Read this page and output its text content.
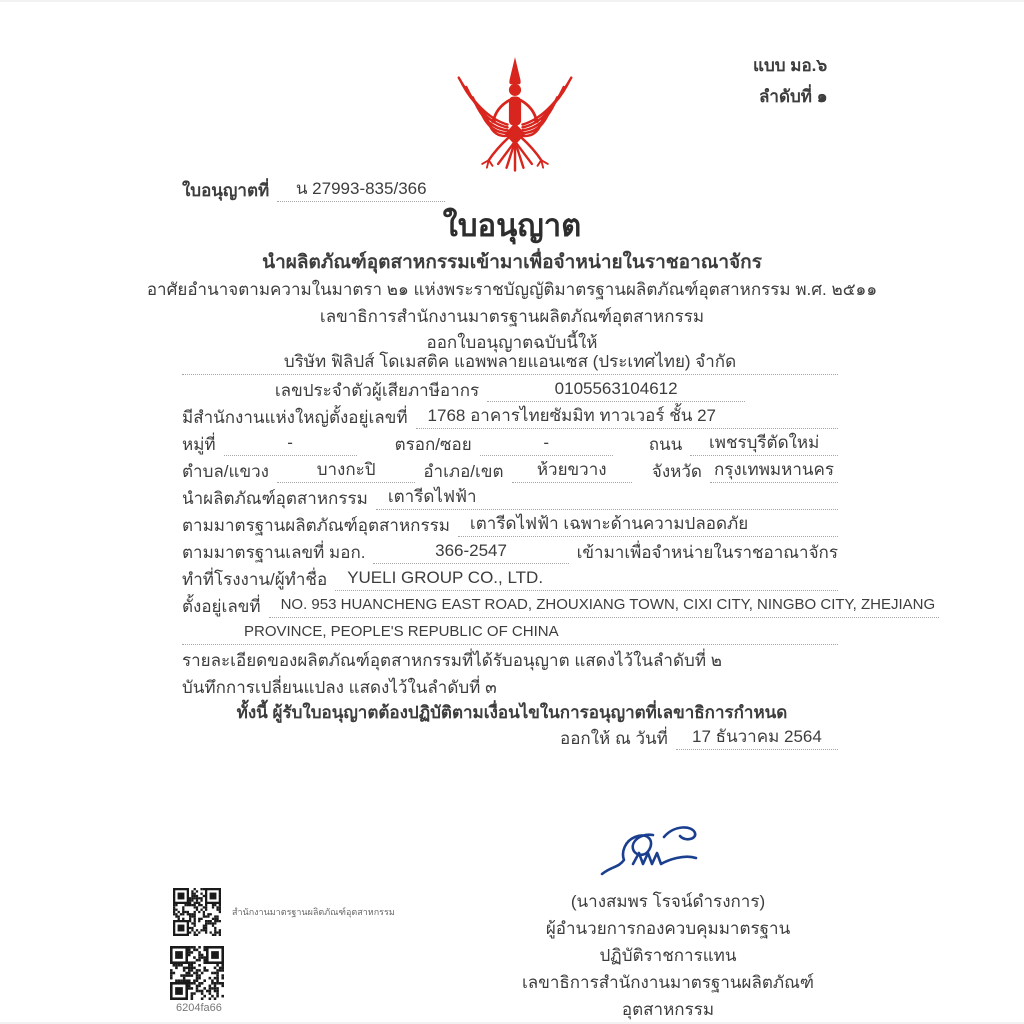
แบบ มอ.๖
ลำดับที่ ๑
ใบอนุญาตที่	น 27993-835/366
ใบอนุญาต
นำผลิตภัณฑ์อุตสาหกรรมเข้ามาเพื่อจำหน่ายในราชอาณาจักร
อาศัยอำนาจตามความในมาตรา ๒๑ แห่งพระราชบัญญัติมาตรฐานผลิตภัณฑ์อุตสาหกรรม พ.ศ. ๒๕๑๑
เลขาธิการสำนักงานมาตรฐานผลิตภัณฑ์อุตสาหกรรม
ออกใบอนุญาตฉบับนี้ให้
บริษัท ฟิลิปส์ โดเมสติค แอพพลายแอนเซส (ประเทศไทย) จำกัด
เลขประจำตัวผู้เสียภาษีอากร	0105563104612
มีสำนักงานแห่งใหญ่ตั้งอยู่เลขที่	1768 อาคารไทยซัมมิท ทาวเวอร์ ชั้น 27
หมู่ที่	-	ตรอก/ซอย	-	ถนน	เพชรบุรีตัดใหม่
ตำบล/แขวง	บางกะปิ	อำเภอ/เขต	ห้วยขวาง	จังหวัด กรุงเทพมหานคร
นำผลิตภัณฑ์อุตสาหกรรม	เตารีดไฟฟ้า
ตามมาตรฐานผลิตภัณฑ์อุตสาหกรรม	เตารีดไฟฟ้า เฉพาะด้านความปลอดภัย
ตามมาตรฐานเลขที่ มอก.	366-2547	เข้ามาเพื่อจำหน่ายในราชอาณาจักร
ทำที่โรงงาน/ผู้ทำชื่อ	YUELI GROUP CO., LTD.
ตั้งอยู่เลขที่	NO. 953 HUANCHENG EAST ROAD, ZHOUXIANG TOWN, CIXI CITY, NINGBO CITY, ZHEJIANG
PROVINCE, PEOPLE'S REPUBLIC OF CHINA
รายละเอียดของผลิตภัณฑ์อุตสาหกรรมที่ได้รับอนุญาต แสดงไว้ในลำดับที่ ๒
บันทึกการเปลี่ยนแปลง แสดงไว้ในลำดับที่ ๓
ทั้งนี้ ผู้รับใบอนุญาตต้องปฏิบัติตามเงื่อนไขในการอนุญาตที่เลขาธิการกำหนด
ออกให้ ณ วันที่	17 ธันวาคม 2564
(นางสมพร โรจน์ดำรงการ)
ผู้อำนวยการกองควบคุมมาตรฐาน
ปฏิบัติราชการแทน
เลขาธิการสำนักงานมาตรฐานผลิตภัณฑ์อุตสาหกรรม
สำนักงานมาตรฐานผลิตภัณฑ์อุตสาหกรรม
6204fa66
